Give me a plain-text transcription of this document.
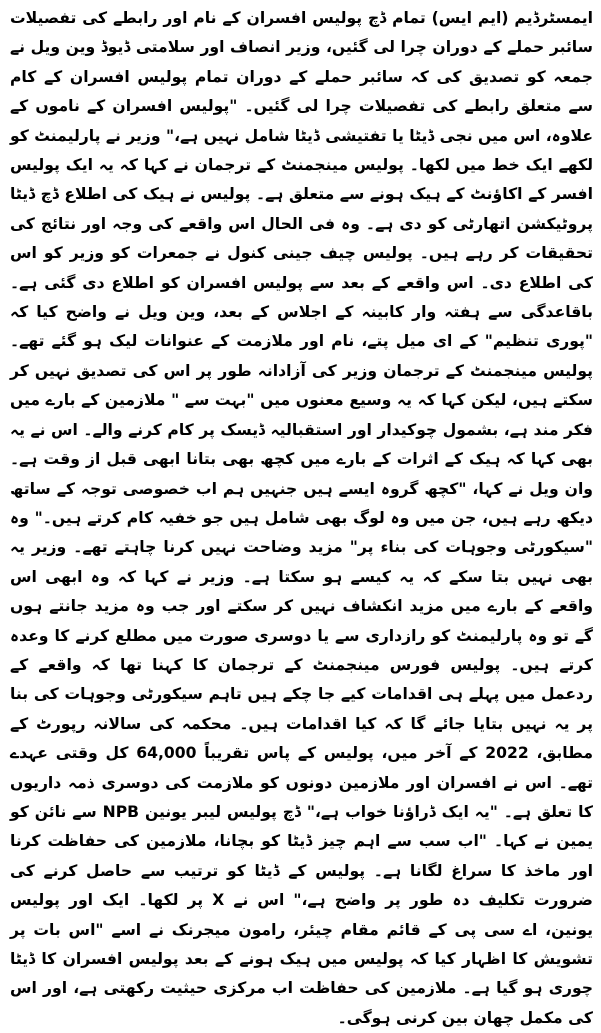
ایمسٹرڈیم (ایم ایس) تمام ڈچ پولیس افسران کے نام اور رابطے کی تفصیلات سائبر حملے کے دوران چرا لی گئیں، وزیر انصاف اور سلامتی ڈیوڈ وین ویل نے جمعہ کو تصدیق کی کہ سائبر حملے کے دوران تمام پولیس افسران کے کام سے متعلق رابطے کی تفصیلات چرا لی گئیں۔ "پولیس افسران کے ناموں کے علاوہ، اس میں نجی ڈیٹا یا تفتیشی ڈیٹا شامل نہیں ہے،" وزیر نے پارلیمنٹ کو لکھے ایک خط میں لکھا۔ پولیس مینجمنٹ کے ترجمان نے کہا کہ یہ ایک پولیس افسر کے اکاؤنٹ کے ہیک ہونے سے متعلق ہے۔ پولیس نے ہیک کی اطلاع ڈچ ڈیٹا پروٹیکشن اتھارٹی کو دی ہے۔ وہ فی الحال اس واقعے کی وجہ اور نتائج کی تحقیقات کر رہے ہیں۔ پولیس چیف جینی کنول نے جمعرات کو وزیر کو اس کی اطلاع دی۔ اس واقعے کے بعد سے پولیس افسران کو اطلاع دی گئی ہے۔ باقاعدگی سے ہفتہ وار کابینہ کے اجلاس کے بعد، وین ویل نے واضح کیا کہ "پوری تنظیم" کے ای میل پتے، نام اور ملازمت کے عنوانات لیک ہو گئے تھے۔ پولیس مینجمنٹ کے ترجمان وزیر کی آزادانہ طور پر اس کی تصدیق نہیں کر سکتے ہیں، لیکن کہا کہ یہ وسیع معنوں میں "بہت سے " ملازمین کے بارے میں فکر مند ہے، بشمول چوکیدار اور استقبالیہ ڈیسک پر کام کرنے والے۔ اس نے یہ بھی کہا کہ ہیک کے اثرات کے بارے میں کچھ بھی بتانا ابھی قبل از وقت ہے۔ وان ویل نے کہا، "کچھ گروہ ایسے ہیں جنہیں ہم اب خصوصی توجہ کے ساتھ دیکھ رہے ہیں، جن میں وہ لوگ بھی شامل ہیں جو خفیہ کام کرتے ہیں۔" وہ "سیکورٹی وجوہات کی بناء پر" مزید وضاحت نہیں کرنا چاہتے تھے۔ وزیر یہ بھی نہیں بتا سکے کہ یہ کیسے ہو سکتا ہے۔ وزیر نے کہا کہ وہ ابھی اس واقعے کے بارے میں مزید انکشاف نہیں کر سکتے اور جب وہ مزید جانتے ہوں گے تو وہ پارلیمنٹ کو رازداری سے یا دوسری صورت میں مطلع کرنے کا وعدہ کرتے ہیں۔ پولیس فورس مینجمنٹ کے ترجمان کا کہنا تھا کہ واقعے کے ردعمل میں پہلے ہی اقدامات کیے جا چکے ہیں تاہم سیکورٹی وجوہات کی بنا پر یہ نہیں بتایا جائے گا کہ کیا اقدامات ہیں۔ محکمہ کی سالانہ رپورٹ کے مطابق، 2022 کے آخر میں، پولیس کے پاس تقریباً 64,000 کل وقتی عہدے تھے۔ اس نے افسران اور ملازمین دونوں کو ملازمت کی دوسری ذمہ داریوں کا تعلق ہے۔ "یہ ایک ڈراؤنا خواب ہے،" ڈچ پولیس لیبر یونین NPB سے نائن کو یمین نے کہا۔ "اب سب سے اہم چیز ڈیٹا کو بچانا، ملازمین کی حفاظت کرنا اور ماخذ کا سراغ لگانا ہے۔ پولیس کے ڈیٹا کو ترتیب سے حاصل کرنے کی ضرورت تکلیف دہ طور پر واضح ہے،" اس نے X پر لکھا۔ ایک اور پولیس یونین، اے سی پی کے قائم مقام چیئر، رامون میجرنک نے اسے "اس بات پر تشویش کا اظہار کیا کہ پولیس میں ہیک ہونے کے بعد پولیس افسران کا ڈیٹا چوری ہو گیا ہے۔ ملازمین کی حفاظت اب مرکزی حیثیت رکھتی ہے، اور اس کی مکمل چھان بین کرنی ہوگی۔
